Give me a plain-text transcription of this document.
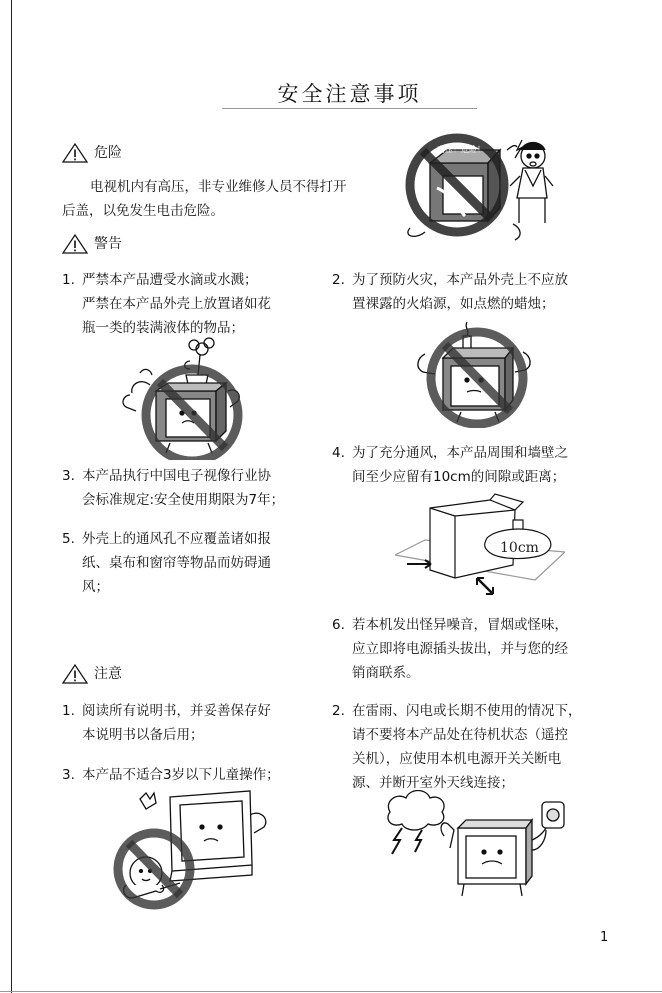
安全注意事项
危险
电视机内有高压，非专业维修人员不得打开
后盖，以免发生电击危险。
高压！危险！
警告
1. 严禁本产品遭受水滴或水溅；
严禁在本产品外壳上放置诸如花
瓶一类的装满液体的物品；
2. 为了预防火灾，本产品外壳上不应放
置裸露的火焰源，如点燃的蜡烛；
3. 本产品执行中国电子视像行业协
会标准规定:安全使用期限为7年；
4. 为了充分通风，本产品周围和墙壁之
间至少应留有10cm的间隙或距离；
10cm
5. 外壳上的通风孔不应覆盖诸如报
纸、桌布和窗帘等物品而妨碍通
风；
6. 若本机发出怪异噪音，冒烟或怪味，
应立即将电源插头拔出，并与您的经
销商联系。
注意
1. 阅读所有说明书，并妥善保存好
本说明书以备后用；
2. 在雷雨、闪电或长期不使用的情况下，
请不要将本产品处在待机状态（遥控
关机），应使用本机电源开关关断电
源、并断开室外天线连接；
3. 本产品不适合3岁以下儿童操作；
1
